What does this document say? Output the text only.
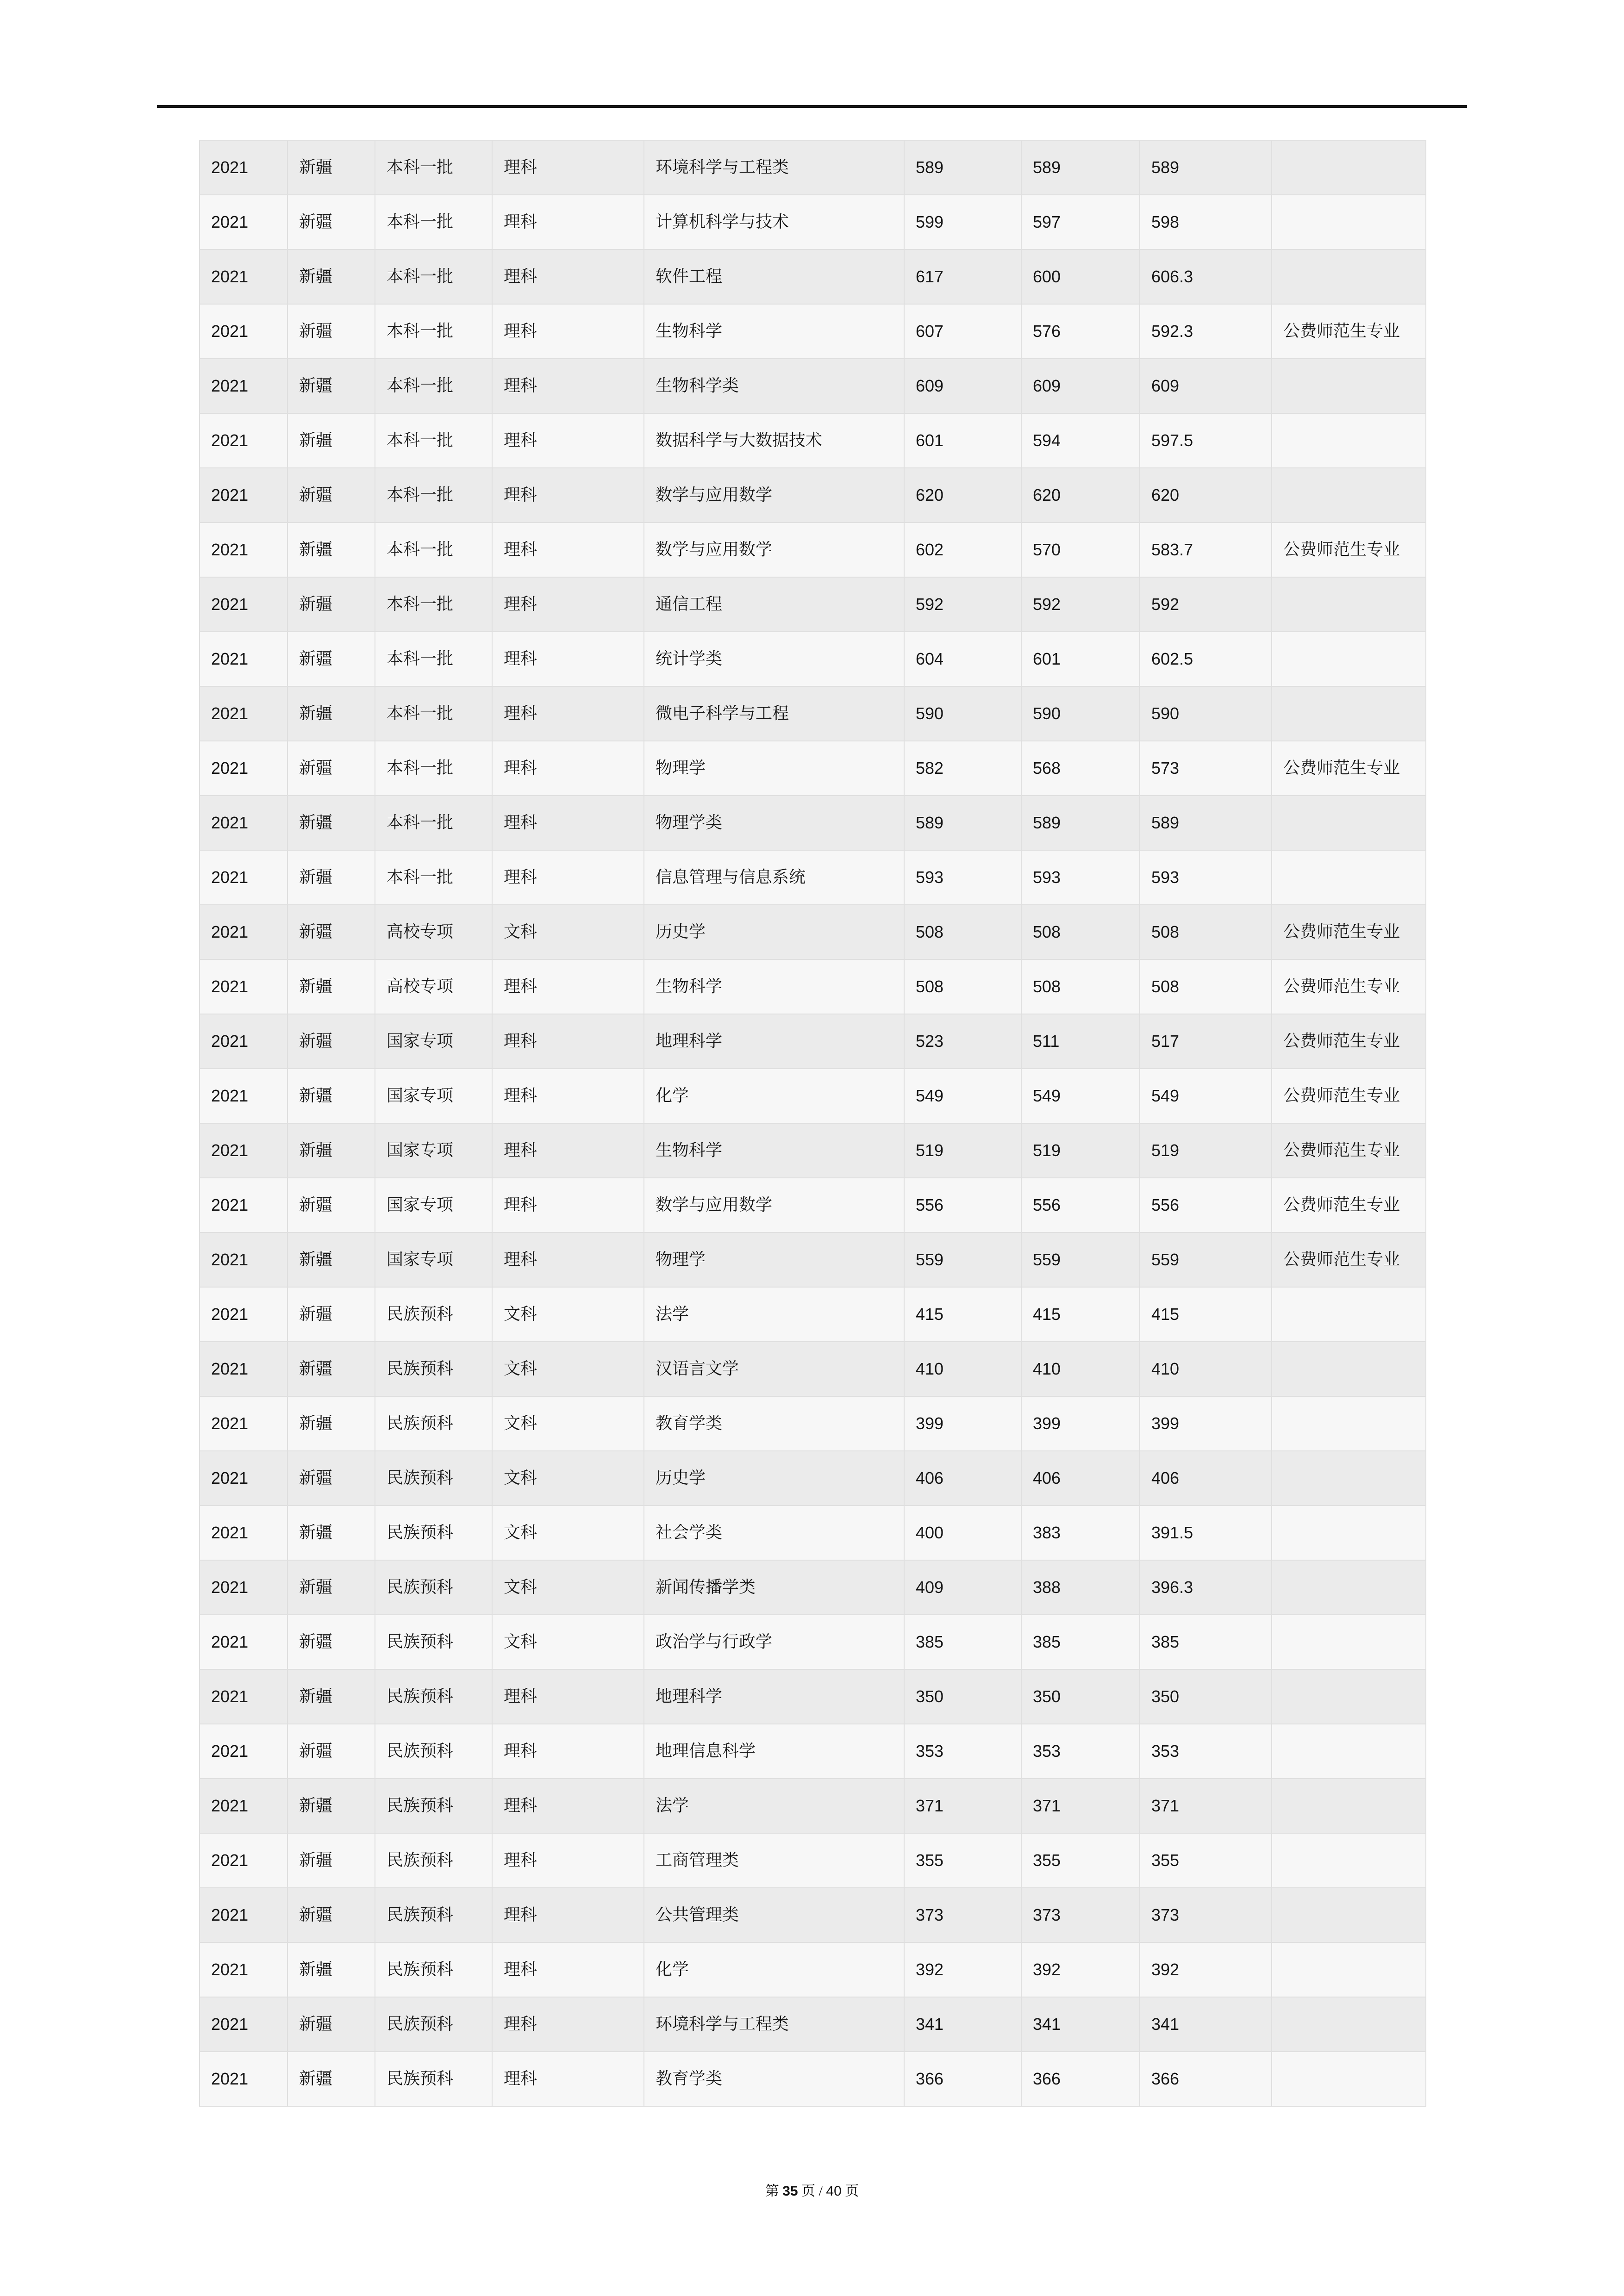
2021	新疆	本科一批	理科	环境科学与工程类	589	589	589	
2021	新疆	本科一批	理科	计算机科学与技术	599	597	598	
2021	新疆	本科一批	理科	软件工程	617	600	606.3	
2021	新疆	本科一批	理科	生物科学	607	576	592.3	公费师范生专业
2021	新疆	本科一批	理科	生物科学类	609	609	609	
2021	新疆	本科一批	理科	数据科学与大数据技术	601	594	597.5	
2021	新疆	本科一批	理科	数学与应用数学	620	620	620	
2021	新疆	本科一批	理科	数学与应用数学	602	570	583.7	公费师范生专业
2021	新疆	本科一批	理科	通信工程	592	592	592	
2021	新疆	本科一批	理科	统计学类	604	601	602.5	
2021	新疆	本科一批	理科	微电子科学与工程	590	590	590	
2021	新疆	本科一批	理科	物理学	582	568	573	公费师范生专业
2021	新疆	本科一批	理科	物理学类	589	589	589	
2021	新疆	本科一批	理科	信息管理与信息系统	593	593	593	
2021	新疆	高校专项	文科	历史学	508	508	508	公费师范生专业
2021	新疆	高校专项	理科	生物科学	508	508	508	公费师范生专业
2021	新疆	国家专项	理科	地理科学	523	511	517	公费师范生专业
2021	新疆	国家专项	理科	化学	549	549	549	公费师范生专业
2021	新疆	国家专项	理科	生物科学	519	519	519	公费师范生专业
2021	新疆	国家专项	理科	数学与应用数学	556	556	556	公费师范生专业
2021	新疆	国家专项	理科	物理学	559	559	559	公费师范生专业
2021	新疆	民族预科	文科	法学	415	415	415	
2021	新疆	民族预科	文科	汉语言文学	410	410	410	
2021	新疆	民族预科	文科	教育学类	399	399	399	
2021	新疆	民族预科	文科	历史学	406	406	406	
2021	新疆	民族预科	文科	社会学类	400	383	391.5	
2021	新疆	民族预科	文科	新闻传播学类	409	388	396.3	
2021	新疆	民族预科	文科	政治学与行政学	385	385	385	
2021	新疆	民族预科	理科	地理科学	350	350	350	
2021	新疆	民族预科	理科	地理信息科学	353	353	353	
2021	新疆	民族预科	理科	法学	371	371	371	
2021	新疆	民族预科	理科	工商管理类	355	355	355	
2021	新疆	民族预科	理科	公共管理类	373	373	373	
2021	新疆	民族预科	理科	化学	392	392	392	
2021	新疆	民族预科	理科	环境科学与工程类	341	341	341	
2021	新疆	民族预科	理科	教育学类	366	366	366	
第 35 页 / 40 页
